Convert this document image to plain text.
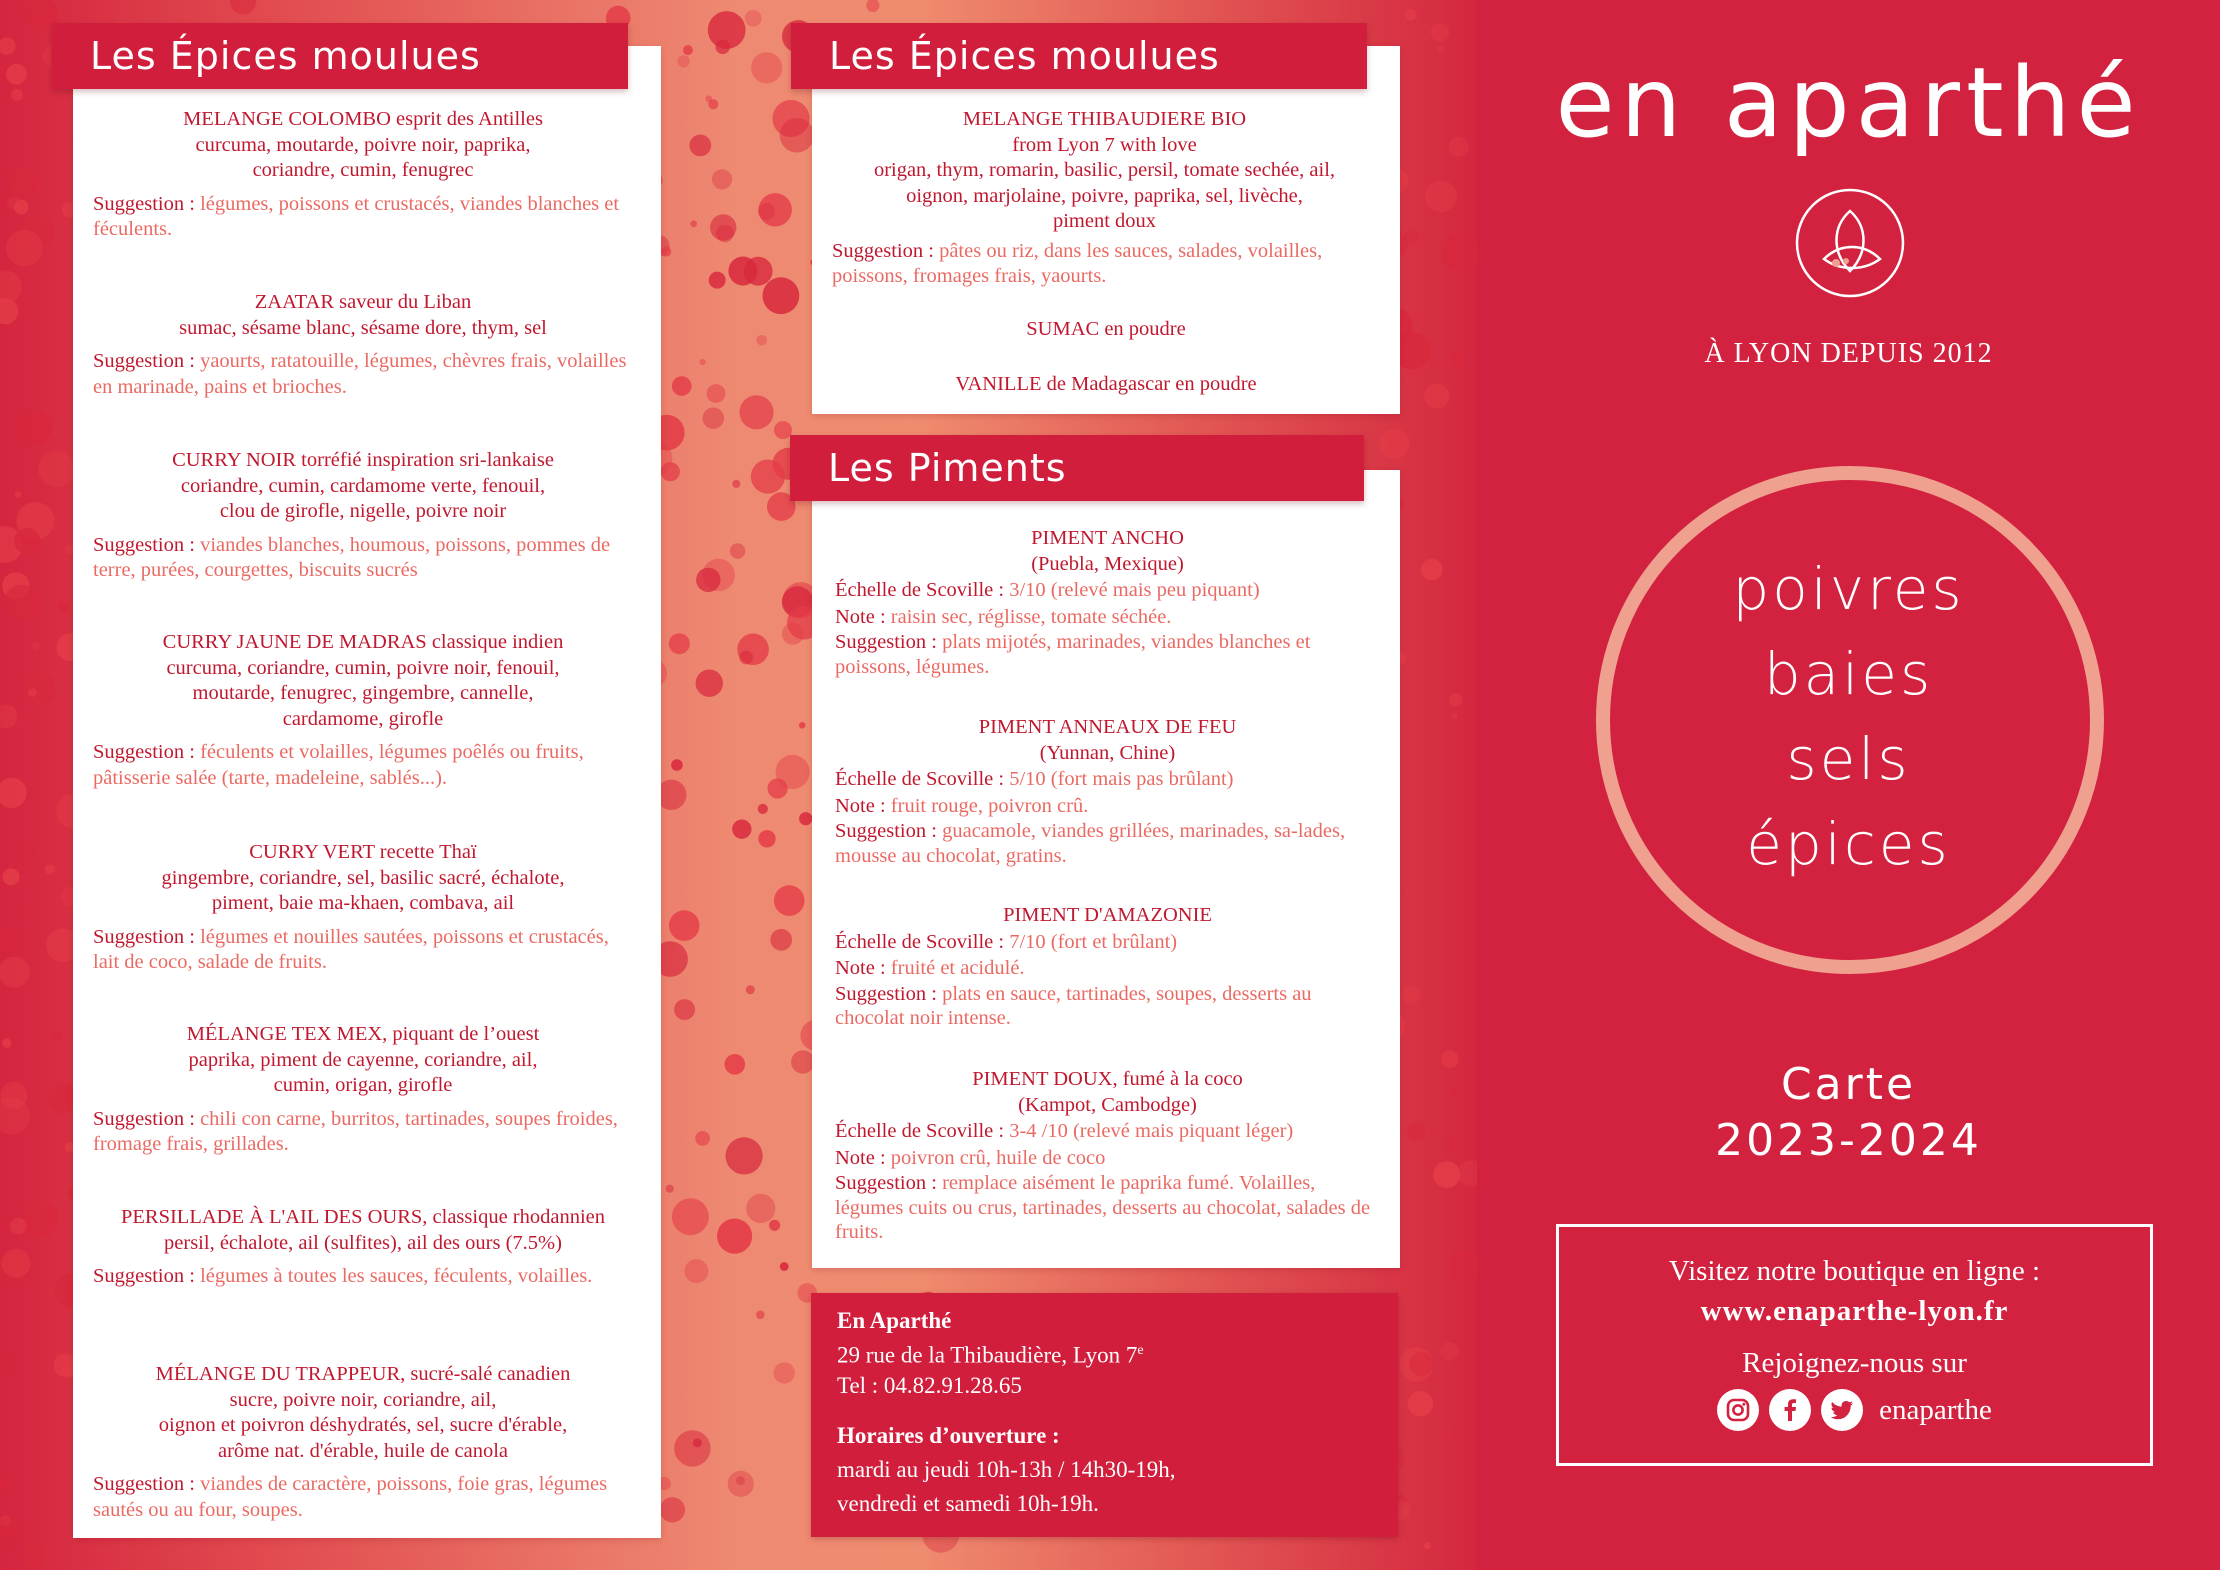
Les Épices moulues
MELANGE COLOMBO esprit des Antilles
curcuma, moutarde, poivre noir, paprika,
coriandre, cumin, fenugrec
Suggestion : légumes, poissons et crustacés, viandes blanches et féculents.
ZAATAR saveur du Liban
sumac, sésame blanc, sésame dore, thym, sel
Suggestion : yaourts, ratatouille, légumes, chèvres frais, volailles en marinade, pains et brioches.
CURRY NOIR torréfié inspiration sri-lankaise
coriandre, cumin, cardamome verte, fenouil,
clou de girofle, nigelle, poivre noir
Suggestion : viandes blanches, houmous, poissons, pommes de terre, purées, courgettes, biscuits sucrés
CURRY JAUNE DE MADRAS classique indien
curcuma, coriandre, cumin, poivre noir, fenouil,
moutarde, fenugrec, gingembre, cannelle,
cardamome, girofle
Suggestion : féculents et volailles, légumes poêlés ou fruits, pâtisserie salée (tarte, madeleine, sablés...).
CURRY VERT recette Thaï
gingembre, coriandre, sel, basilic sacré, échalote,
piment, baie ma-khaen, combava, ail
Suggestion : légumes et nouilles sautées, poissons et crustacés, lait de coco, salade de fruits.
MÉLANGE TEX MEX, piquant de l’ouest
paprika, piment de cayenne, coriandre, ail,
cumin, origan, girofle
Suggestion : chili con carne, burritos, tartinades, soupes froides, fromage frais, grillades.
PERSILLADE À L'AIL DES OURS, classique rhodannien
persil, échalote, ail (sulfites), ail des ours (7.5%)
Suggestion : légumes à toutes les sauces, féculents, volailles.
MÉLANGE DU TRAPPEUR, sucré-salé canadien
sucre, poivre noir, coriandre, ail,
oignon et poivron déshydratés, sel, sucre d'érable,
arôme nat. d'érable, huile de canola
Suggestion : viandes de caractère, poissons, foie gras, légumes sautés ou au four, soupes.
Les Épices moulues
MELANGE THIBAUDIERE BIO
from Lyon 7 with love
origan, thym, romarin, basilic, persil, tomate sechée, ail,
oignon, marjolaine, poivre, paprika, sel, livèche,
piment doux
Suggestion : pâtes ou riz, dans les sauces, salades, volailles, poissons, fromages frais, yaourts.
SUMAC en poudre
VANILLE de Madagascar en poudre
Les Piments
PIMENT ANCHO
(Puebla, Mexique)
Échelle de Scoville : 3/10 (relevé mais peu piquant)
Note : raisin sec, réglisse, tomate séchée.
Suggestion : plats mijotés, marinades, viandes blanches et poissons, légumes.
PIMENT ANNEAUX DE FEU
(Yunnan, Chine)
Échelle de Scoville : 5/10 (fort mais pas brûlant)
Note : fruit rouge, poivron crû.
Suggestion : guacamole, viandes grillées, marinades, sa-lades, mousse au chocolat, gratins.
PIMENT D'AMAZONIE
Échelle de Scoville : 7/10 (fort et brûlant)
Note : fruité et acidulé.
Suggestion : plats en sauce, tartinades, soupes, desserts au chocolat noir intense.
PIMENT DOUX, fumé à la coco
(Kampot, Cambodge)
Échelle de Scoville : 3-4 /10 (relevé mais piquant léger)
Note : poivron crû, huile de coco
Suggestion : remplace aisément le paprika fumé. Volailles, légumes cuits ou crus, tartinades, desserts au chocolat, salades de fruits.
En Aparthé
29 rue de la Thibaudière, Lyon 7e
Tel : 04.82.91.28.65
Horaires d’ouverture :
mardi au jeudi 10h-13h / 14h30-19h,
vendredi et samedi 10h-19h.
en aparthé
À LYON DEPUIS 2012
poivres
baies
sels
épices
Carte
2023-2024
Visitez notre boutique en ligne :
www.enaparthe-lyon.fr
Rejoignez-nous sur
enaparthe
